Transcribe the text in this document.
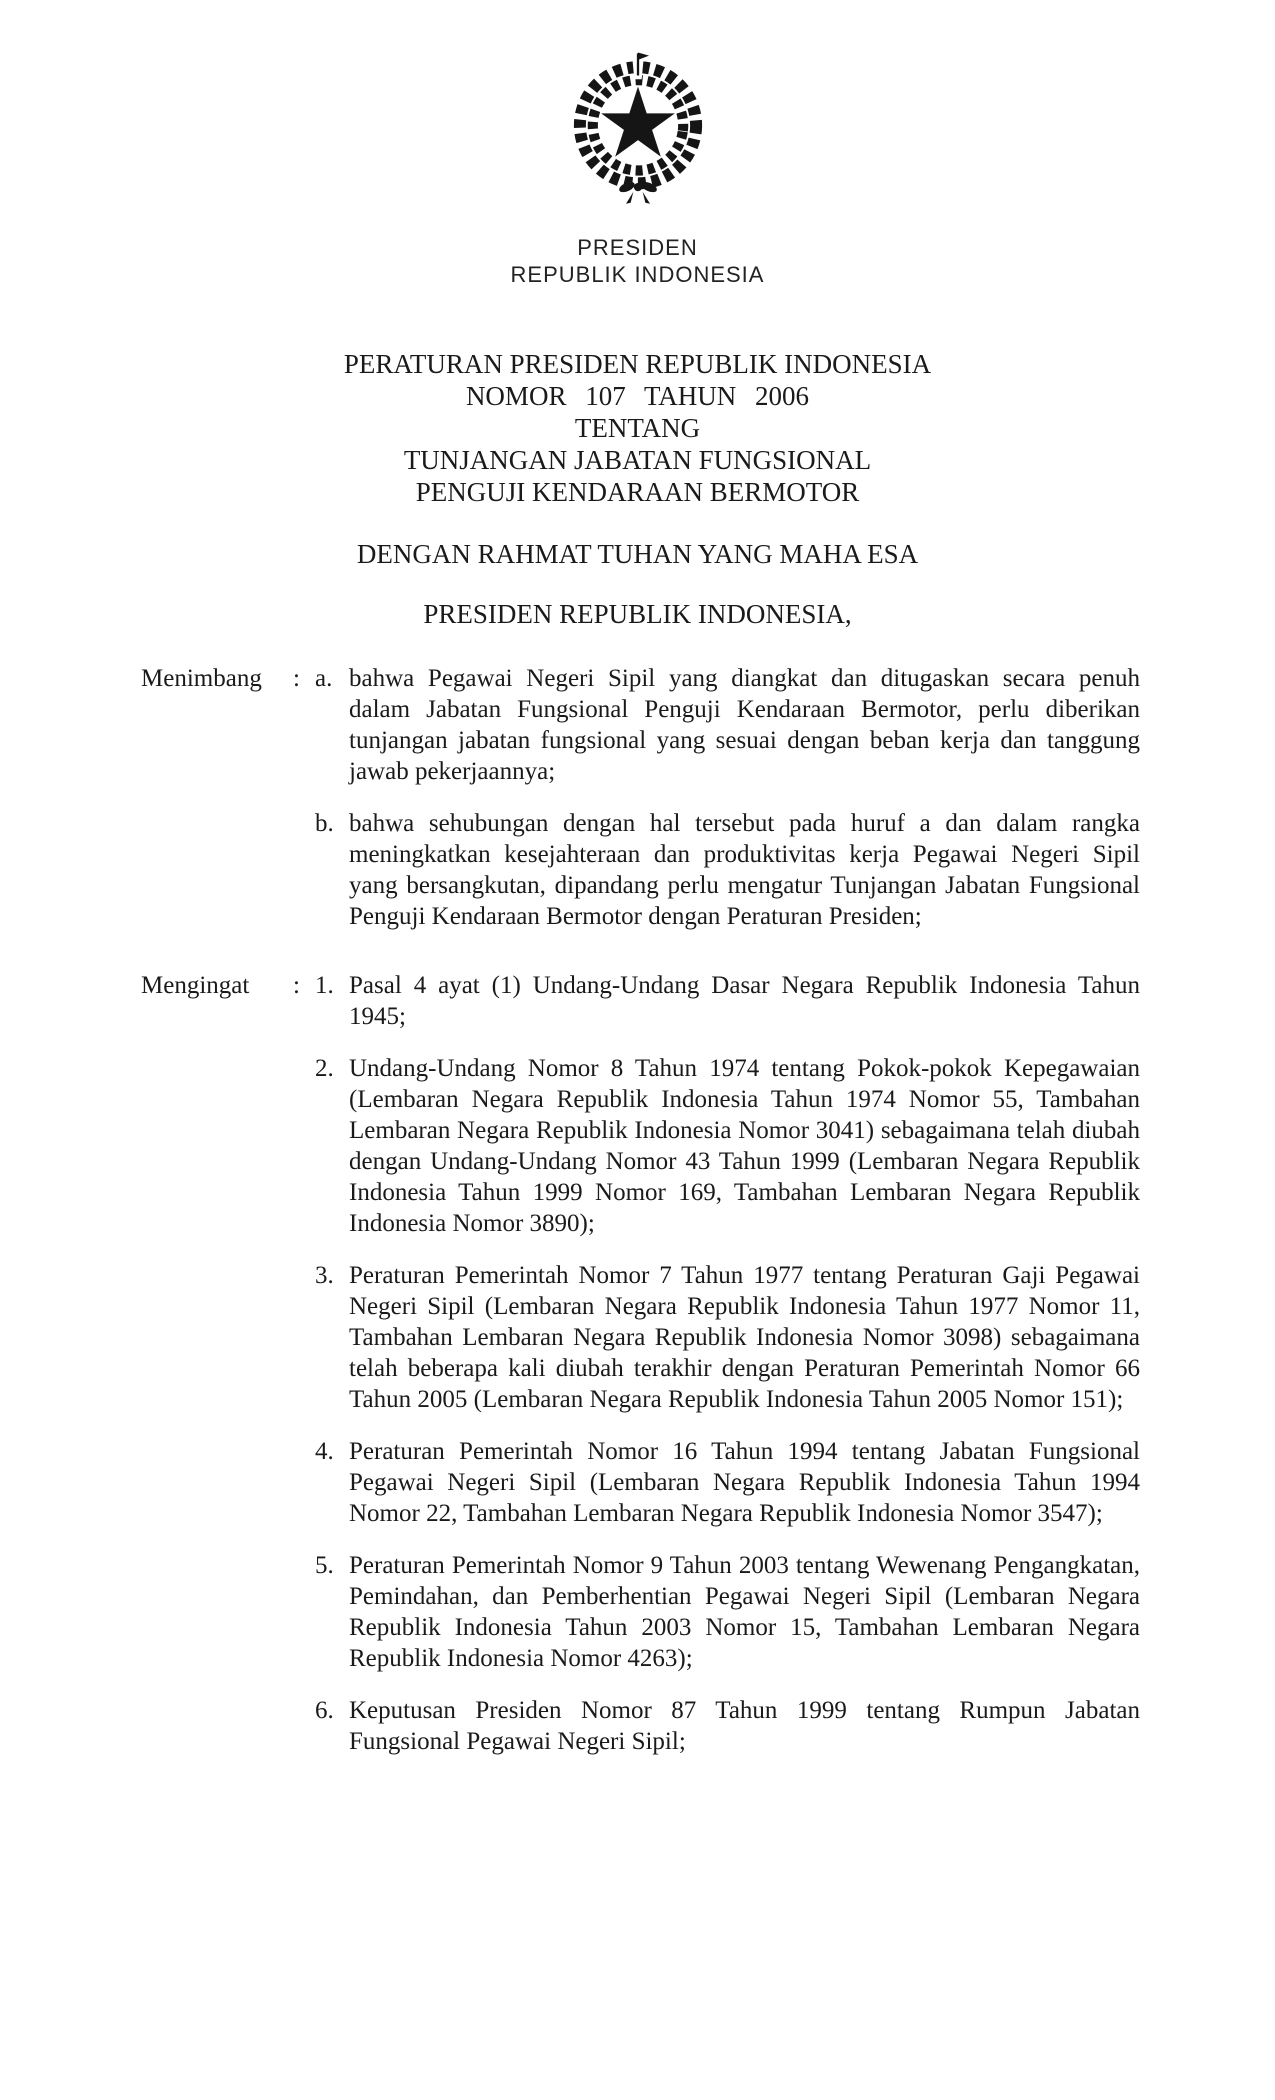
PRESIDEN
REPUBLIK INDONESIA
PERATURAN PRESIDEN REPUBLIK INDONESIA
NOMOR 107 TAHUN 2006
TENTANG
TUNJANGAN JABATAN FUNGSIONAL
PENGUJI KENDARAAN BERMOTOR
DENGAN RAHMAT TUHAN YANG MAHA ESA
PRESIDEN REPUBLIK INDONESIA,
Menimbang	: a. bahwa Pegawai Negeri Sipil yang diangkat dan ditugaskan secara penuh dalam Jabatan Fungsional Penguji Kendaraan Bermotor, perlu diberikan tunjangan jabatan fungsional yang sesuai dengan beban kerja dan tanggung jawab pekerjaannya;
b. bahwa sehubungan dengan hal tersebut pada huruf a dan dalam rangka meningkatkan kesejahteraan dan produktivitas kerja Pegawai Negeri Sipil yang bersangkutan, dipandang perlu mengatur Tunjangan Jabatan Fungsional Penguji Kendaraan Bermotor dengan Peraturan Presiden;
Mengingat	: 1. Pasal 4 ayat (1) Undang-Undang Dasar Negara Republik Indonesia Tahun 1945;
2. Undang-Undang Nomor 8 Tahun 1974 tentang Pokok-pokok Kepegawaian (Lembaran Negara Republik Indonesia Tahun 1974 Nomor 55, Tambahan Lembaran Negara Republik Indonesia Nomor 3041) sebagaimana telah diubah dengan Undang-Undang Nomor 43 Tahun 1999 (Lembaran Negara Republik Indonesia Tahun 1999 Nomor 169, Tambahan Lembaran Negara Republik Indonesia Nomor 3890);
3. Peraturan Pemerintah Nomor 7 Tahun 1977 tentang Peraturan Gaji Pegawai Negeri Sipil (Lembaran Negara Republik Indonesia Tahun 1977 Nomor 11, Tambahan Lembaran Negara Republik Indonesia Nomor 3098) sebagaimana telah beberapa kali diubah terakhir dengan Peraturan Pemerintah Nomor 66 Tahun 2005 (Lembaran Negara Republik Indonesia Tahun 2005 Nomor 151);
4. Peraturan Pemerintah Nomor 16 Tahun 1994 tentang Jabatan Fungsional Pegawai Negeri Sipil (Lembaran Negara Republik Indonesia Tahun 1994 Nomor 22, Tambahan Lembaran Negara Republik Indonesia Nomor 3547);
5. Peraturan Pemerintah Nomor 9 Tahun 2003 tentang Wewenang Pengangkatan, Pemindahan, dan Pemberhentian Pegawai Negeri Sipil (Lembaran Negara Republik Indonesia Tahun 2003 Nomor 15, Tambahan Lembaran Negara Republik Indonesia Nomor 4263);
6. Keputusan Presiden Nomor 87 Tahun 1999 tentang Rumpun Jabatan Fungsional Pegawai Negeri Sipil;
